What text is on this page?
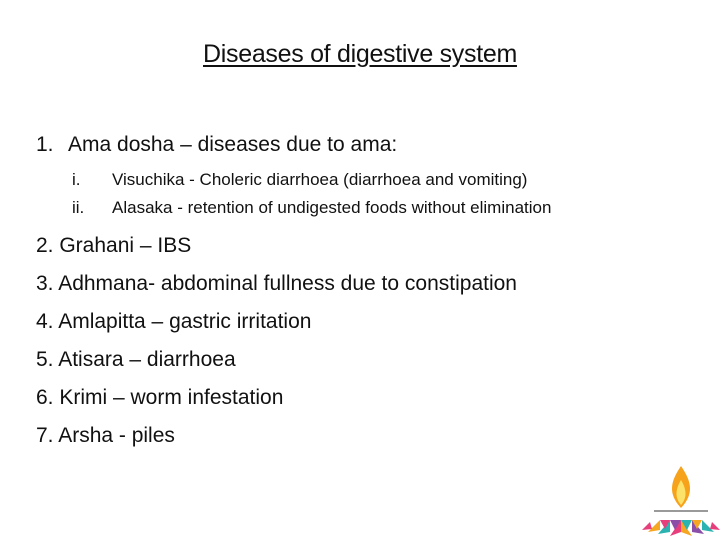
Diseases of digestive system
1. Ama dosha – diseases due to ama:
i. Visuchika - Choleric diarrhoea (diarrhoea and vomiting)
ii. Alasaka - retention of undigested foods without elimination
2. Grahani – IBS
3. Adhmana- abdominal fullness due to constipation
4. Amlapitta – gastric irritation
5. Atisara – diarrhoea
6. Krimi – worm infestation
7. Arsha - piles
